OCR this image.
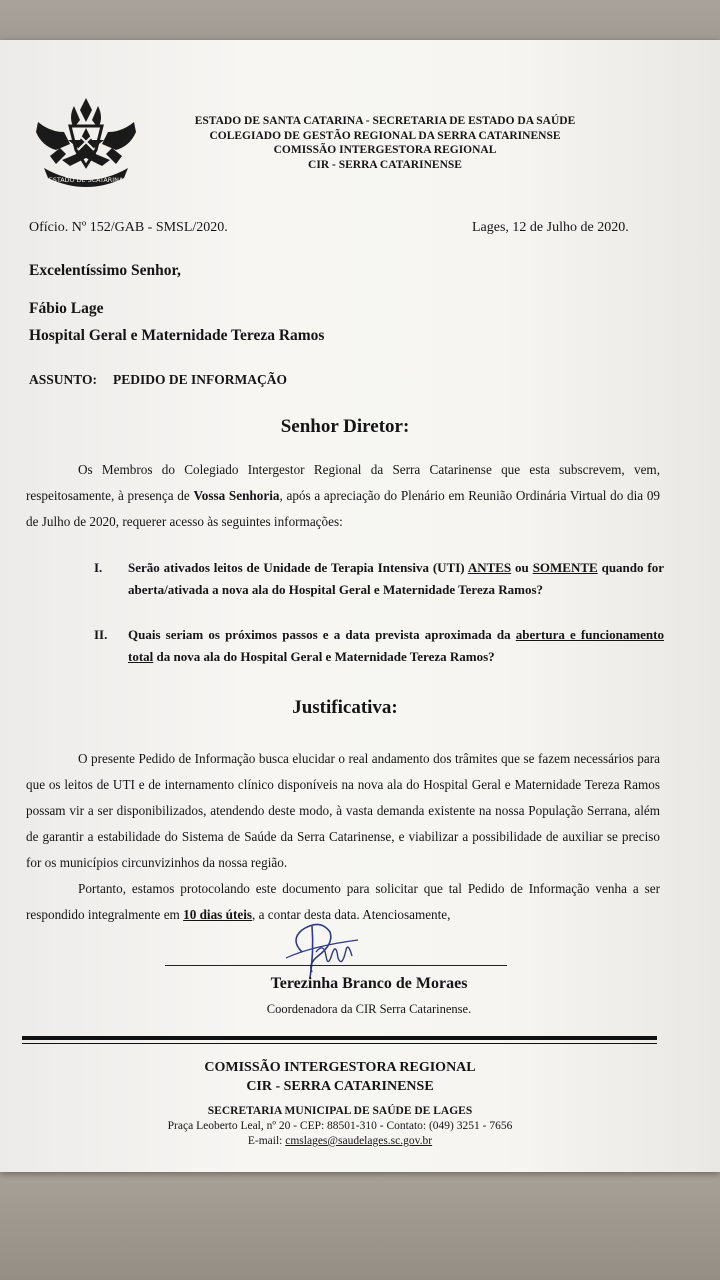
ESTADO DE SCATARINA
ESTADO DE SANTA CATARINA - SECRETARIA DE ESTADO DA SAÚDE
COLEGIADO DE GESTÃO REGIONAL DA SERRA CATARINENSE
COMISSÃO INTERGESTORA REGIONAL
CIR - SERRA CATARINENSE
Ofício. Nº 152/GAB - SMSL/2020.	Lages, 12 de Julho de 2020.
Excelentíssimo Senhor,
Fábio Lage
Hospital Geral e Maternidade Tereza Ramos
ASSUNTO: PEDIDO DE INFORMAÇÃO
Senhor Diretor:
Os Membros do Colegiado Intergestor Regional da Serra Catarinense que esta subscrevem, vem, respeitosamente, à presença de Vossa Senhoria, após a apreciação do Plenário em Reunião Ordinária Virtual do dia 09 de Julho de 2020, requerer acesso às seguintes informações:
I.	Serão ativados leitos de Unidade de Terapia Intensiva (UTI) ANTES ou SOMENTE quando for aberta/ativada a nova ala do Hospital Geral e Maternidade Tereza Ramos?
II.	Quais seriam os próximos passos e a data prevista aproximada da abertura e funcionamento total da nova ala do Hospital Geral e Maternidade Tereza Ramos?
Justificativa:
O presente Pedido de Informação busca elucidar o real andamento dos trâmites que se fazem necessários para que os leitos de UTI e de internamento clínico disponíveis na nova ala do Hospital Geral e Maternidade Tereza Ramos possam vir a ser disponibilizados, atendendo deste modo, à vasta demanda existente na nossa População Serrana, além de garantir a estabilidade do Sistema de Saúde da Serra Catarinense, e viabilizar a possibilidade de auxiliar se preciso for os municípios circunvizinhos da nossa região.
Portanto, estamos protocolando este documento para solicitar que tal Pedido de Informação venha a ser respondido integralmente em 10 dias úteis, a contar desta data. Atenciosamente,
Terezinha Branco de Moraes
Coordenadora da CIR Serra Catarinense.
COMISSÃO INTERGESTORA REGIONAL
CIR - SERRA CATARINENSE
SECRETARIA MUNICIPAL DE SAÚDE DE LAGES
Praça Leoberto Leal, nº 20 - CEP: 88501-310 - Contato: (049) 3251 - 7656
E-mail: cmslages@saudelages.sc.gov.br
